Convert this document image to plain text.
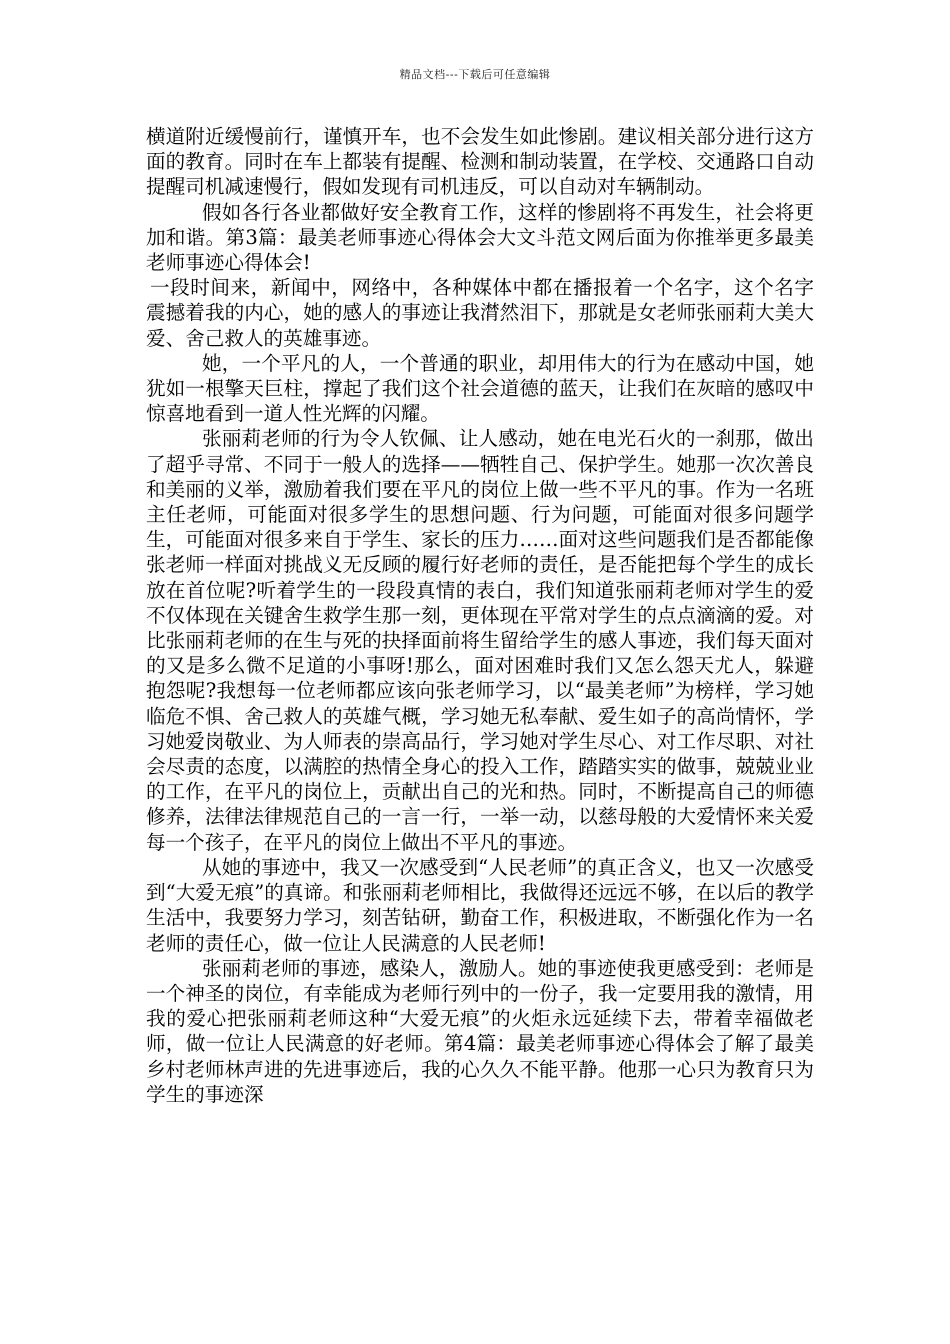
精品文档---下载后可任意编辑

横道附近缓慢前行，谨慎开车，也不会发生如此惨剧。建议相关部分进行这方面的教育。同时在车上都装有提醒、检测和制动装置，在学校、交通路口自动提醒司机减速慢行，假如发现有司机违反，可以自动对车辆制动。

假如各行各业都做好安全教育工作，这样的惨剧将不再发生，社会将更加和谐。第3篇：最美老师事迹心得体会大文斗范文网后面为你推举更多最美老师事迹心得体会!

一段时间来，新闻中，网络中，各种媒体中都在播报着一个名字，这个名字震撼着我的内心，她的感人的事迹让我潸然泪下，那就是女老师张丽莉大美大爱、舍己救人的英雄事迹。

她，一个平凡的人，一个普通的职业，却用伟大的行为在感动中国，她犹如一根擎天巨柱，撑起了我们这个社会道德的蓝天，让我们在灰暗的感叹中惊喜地看到一道人性光辉的闪耀。

张丽莉老师的行为令人钦佩、让人感动，她在电光石火的一刹那，做出了超乎寻常、不同于一般人的选择——牺牲自己、保护学生。她那一次次善良和美丽的义举，激励着我们要在平凡的岗位上做一些不平凡的事。作为一名班主任老师，可能面对很多学生的思想问题、行为问题，可能面对很多问题学生，可能面对很多来自于学生、家长的压力……面对这些问题我们是否都能像张老师一样面对挑战义无反顾的履行好老师的责任，是否能把每个学生的成长放在首位呢?听着学生的一段段真情的表白，我们知道张丽莉老师对学生的爱不仅体现在关键舍生救学生那一刻，更体现在平常对学生的点点滴滴的爱。对比张丽莉老师的在生与死的抉择面前将生留给学生的感人事迹，我们每天面对的又是多么微不足道的小事呀!那么，面对困难时我们又怎么怨天尤人，躲避抱怨呢?我想每一位老师都应该向张老师学习，以“最美老师”为榜样，学习她临危不惧、舍己救人的英雄气概，学习她无私奉献、爱生如子的高尚情怀，学习她爱岗敬业、为人师表的崇高品行，学习她对学生尽心、对工作尽职、对社会尽责的态度，以满腔的热情全身心的投入工作，踏踏实实的做事，兢兢业业的工作，在平凡的岗位上，贡献出自己的光和热。同时，不断提高自己的师德修养，法律法律规范自己的一言一行，一举一动，以慈母般的大爱情怀来关爱每一个孩子，在平凡的岗位上做出不平凡的事迹。

从她的事迹中，我又一次感受到“人民老师”的真正含义，也又一次感受到“大爱无痕”的真谛。和张丽莉老师相比，我做得还远远不够，在以后的教学生活中，我要努力学习，刻苦钻研，勤奋工作，积极进取，不断强化作为一名老师的责任心，做一位让人民满意的人民老师!

张丽莉老师的事迹，感染人，激励人。她的事迹使我更感受到：老师是一个神圣的岗位，有幸能成为老师行列中的一份子，我一定要用我的激情，用我的爱心把张丽莉老师这种“大爱无痕”的火炬永远延续下去，带着幸福做老师，做一位让人民满意的好老师。第4篇：最美老师事迹心得体会了解了最美乡村老师林声进的先进事迹后，我的心久久不能平静。他那一心只为教育只为学生的事迹深
